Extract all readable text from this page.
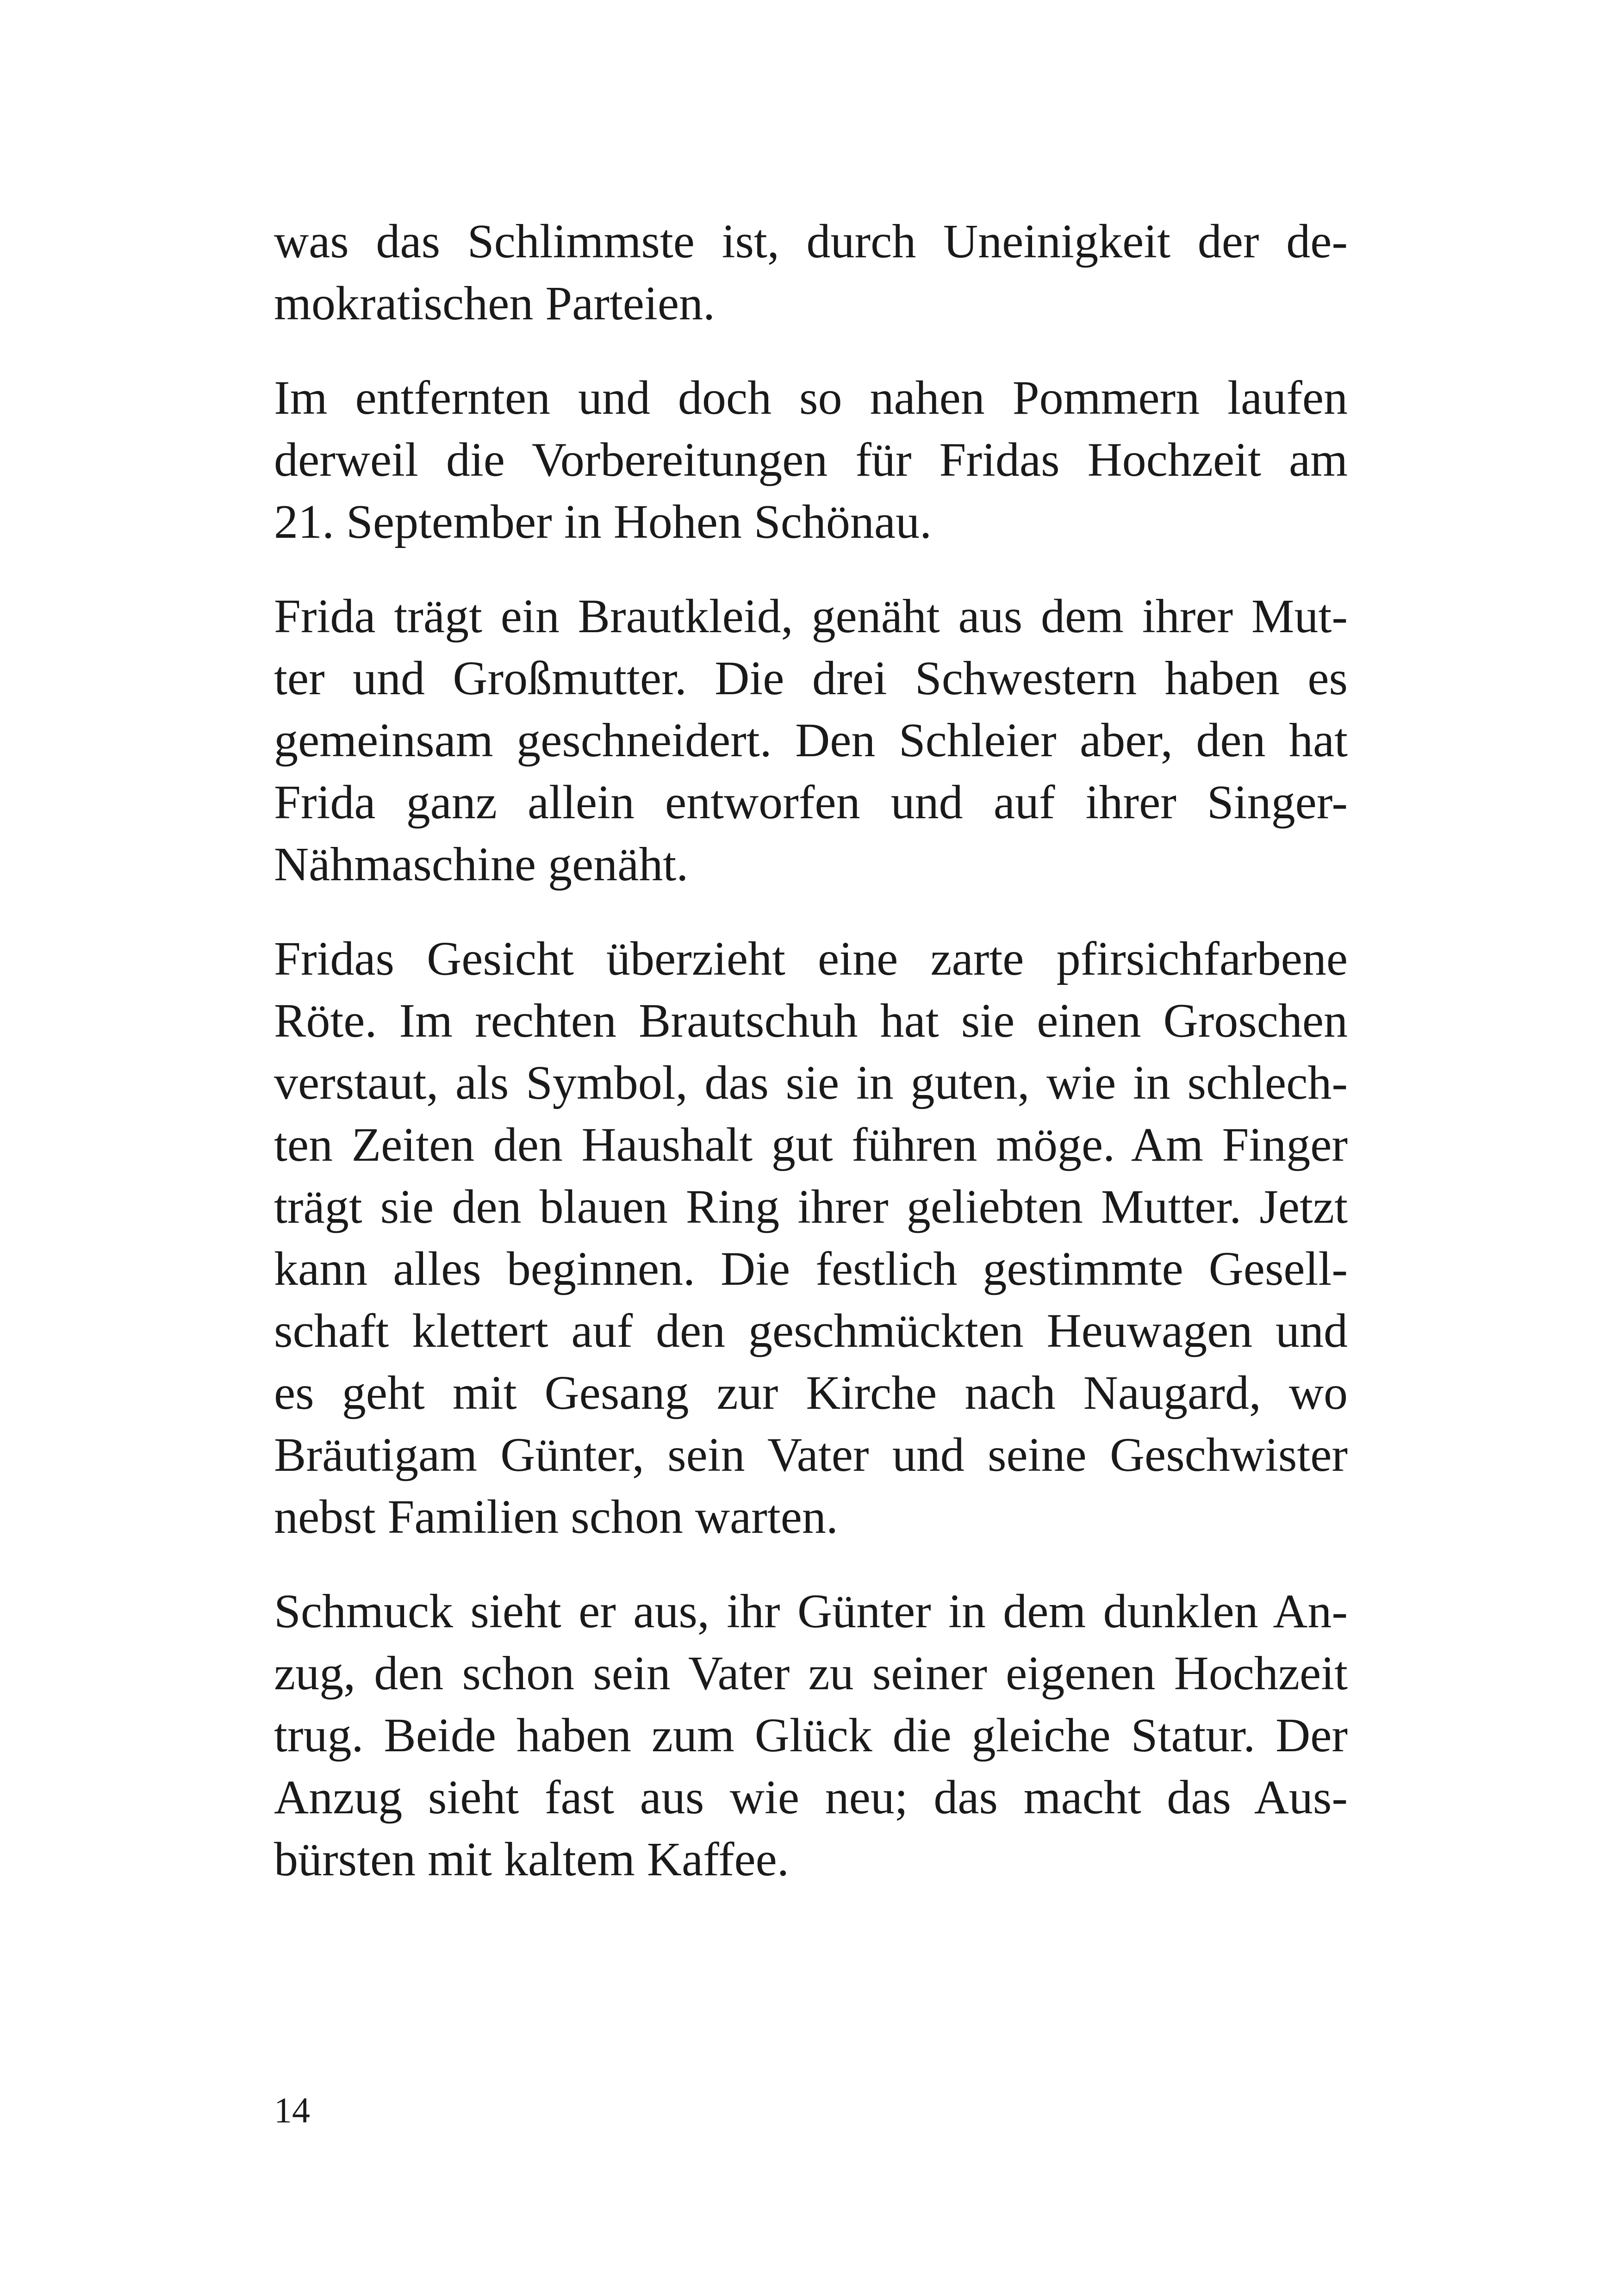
was das Schlimmste ist, durch Uneinigkeit der de-
mokratischen Parteien.

Im entfernten und doch so nahen Pommern laufen
derweil die Vorbereitungen für Fridas Hochzeit am
21. September in Hohen Schönau.

Frida trägt ein Brautkleid, genäht aus dem ihrer Mut-
ter und Großmutter. Die drei Schwestern haben es
gemeinsam geschneidert. Den Schleier aber, den hat
Frida ganz allein entworfen und auf ihrer Singer-
Nähmaschine genäht.

Fridas Gesicht überzieht eine zarte pfirsichfarbene
Röte. Im rechten Brautschuh hat sie einen Groschen
verstaut, als Symbol, das sie in guten, wie in schlech-
ten Zeiten den Haushalt gut führen möge. Am Finger
trägt sie den blauen Ring ihrer geliebten Mutter. Jetzt
kann alles beginnen. Die festlich gestimmte Gesell-
schaft klettert auf den geschmückten Heuwagen und
es geht mit Gesang zur Kirche nach Naugard, wo
Bräutigam Günter, sein Vater und seine Geschwister
nebst Familien schon warten.

Schmuck sieht er aus, ihr Günter in dem dunklen An-
zug, den schon sein Vater zu seiner eigenen Hochzeit
trug. Beide haben zum Glück die gleiche Statur. Der
Anzug sieht fast aus wie neu; das macht das Aus-
bürsten mit kaltem Kaffee.

14
